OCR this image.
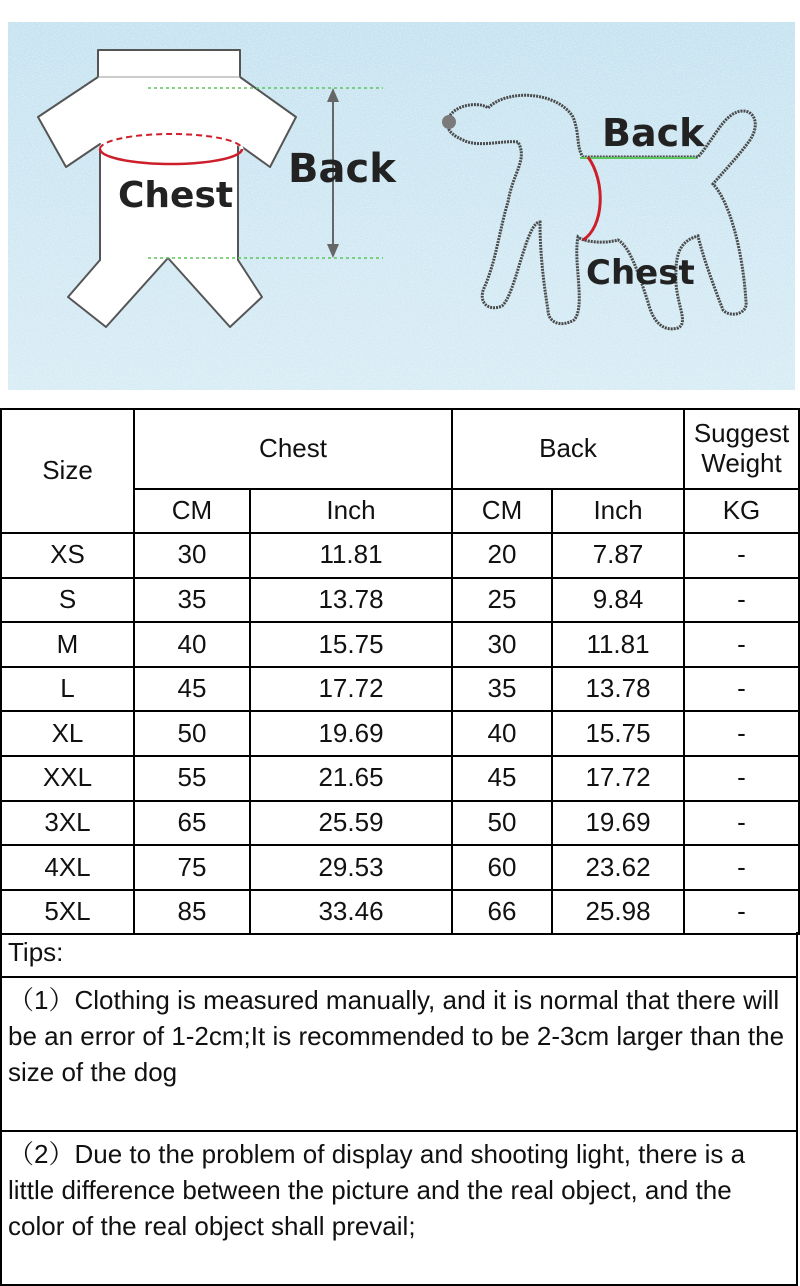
Back
Chest
Back
Chest
Size	Chest		Back		Suggest Weight
	CM	Inch	CM	Inch	KG
XS	30	11.81	20	7.87	-
S	35	13.78	25	9.84	-
M	40	15.75	30	11.81	-
L	45	17.72	35	13.78	-
XL	50	19.69	40	15.75	-
XXL	55	21.65	45	17.72	-
3XL	65	25.59	50	19.69	-
4XL	75	29.53	60	23.62	-
5XL	85	33.46	66	25.98	-
Tips:
（1）Clothing is measured manually, and it is normal that there will be an error of 1-2cm;It is recommended to be 2-3cm larger than the size of the dog
（2）Due to the problem of display and shooting light, there is a little difference between the picture and the real object, and the color of the real object shall prevail;
